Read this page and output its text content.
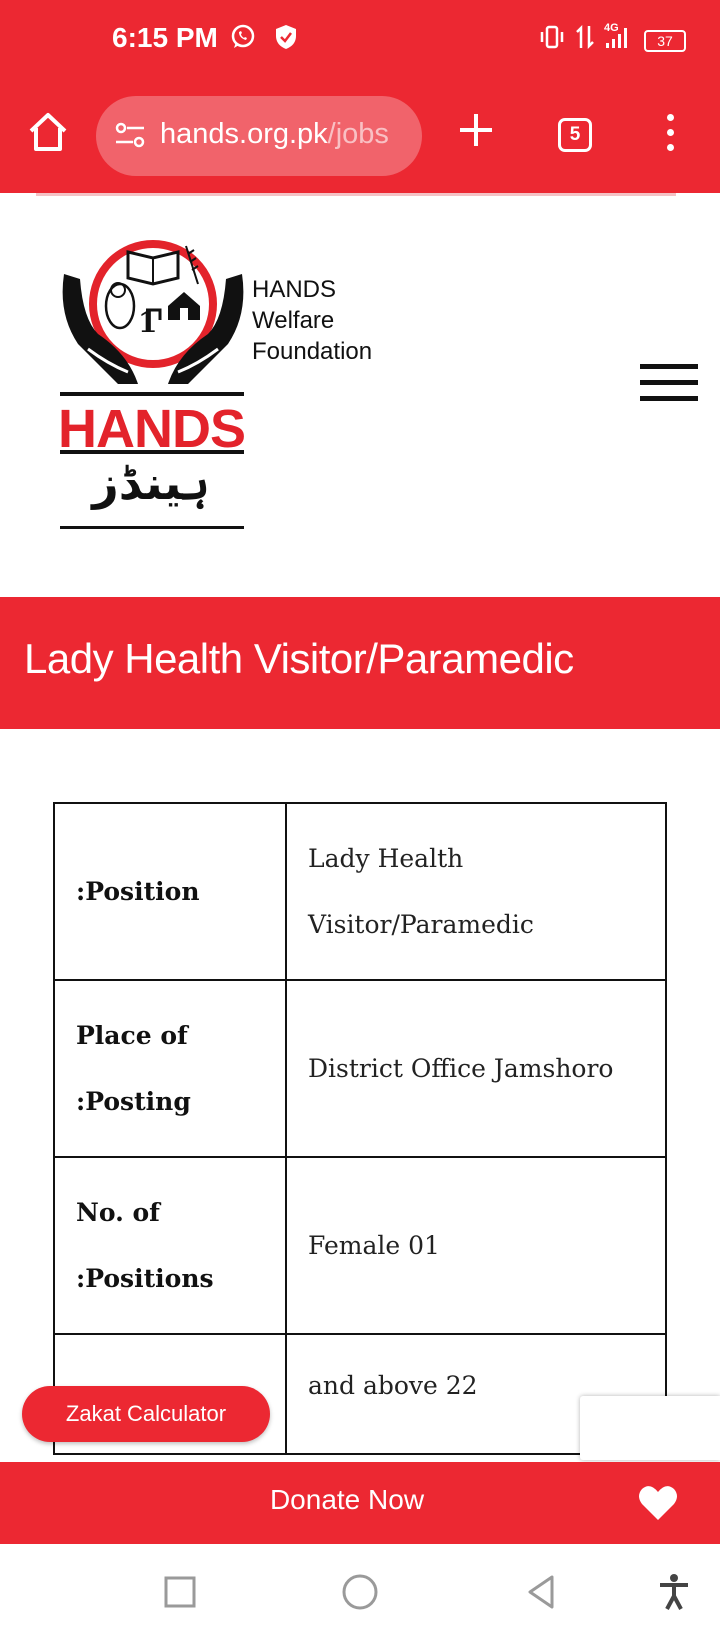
6:15 PM	4G
37
hands.org.pk/jobs	5
1
HANDS
ہینڈز
HANDS
Welfare
Foundation
Lady Health Visitor/Paramedic
:Position	Lady Health
Visitor/Paramedic

Place of
:Posting	District Office Jamshoro

No. of
:Positions	Female 01

	and above 22
Zakat Calculator
Donate Now
